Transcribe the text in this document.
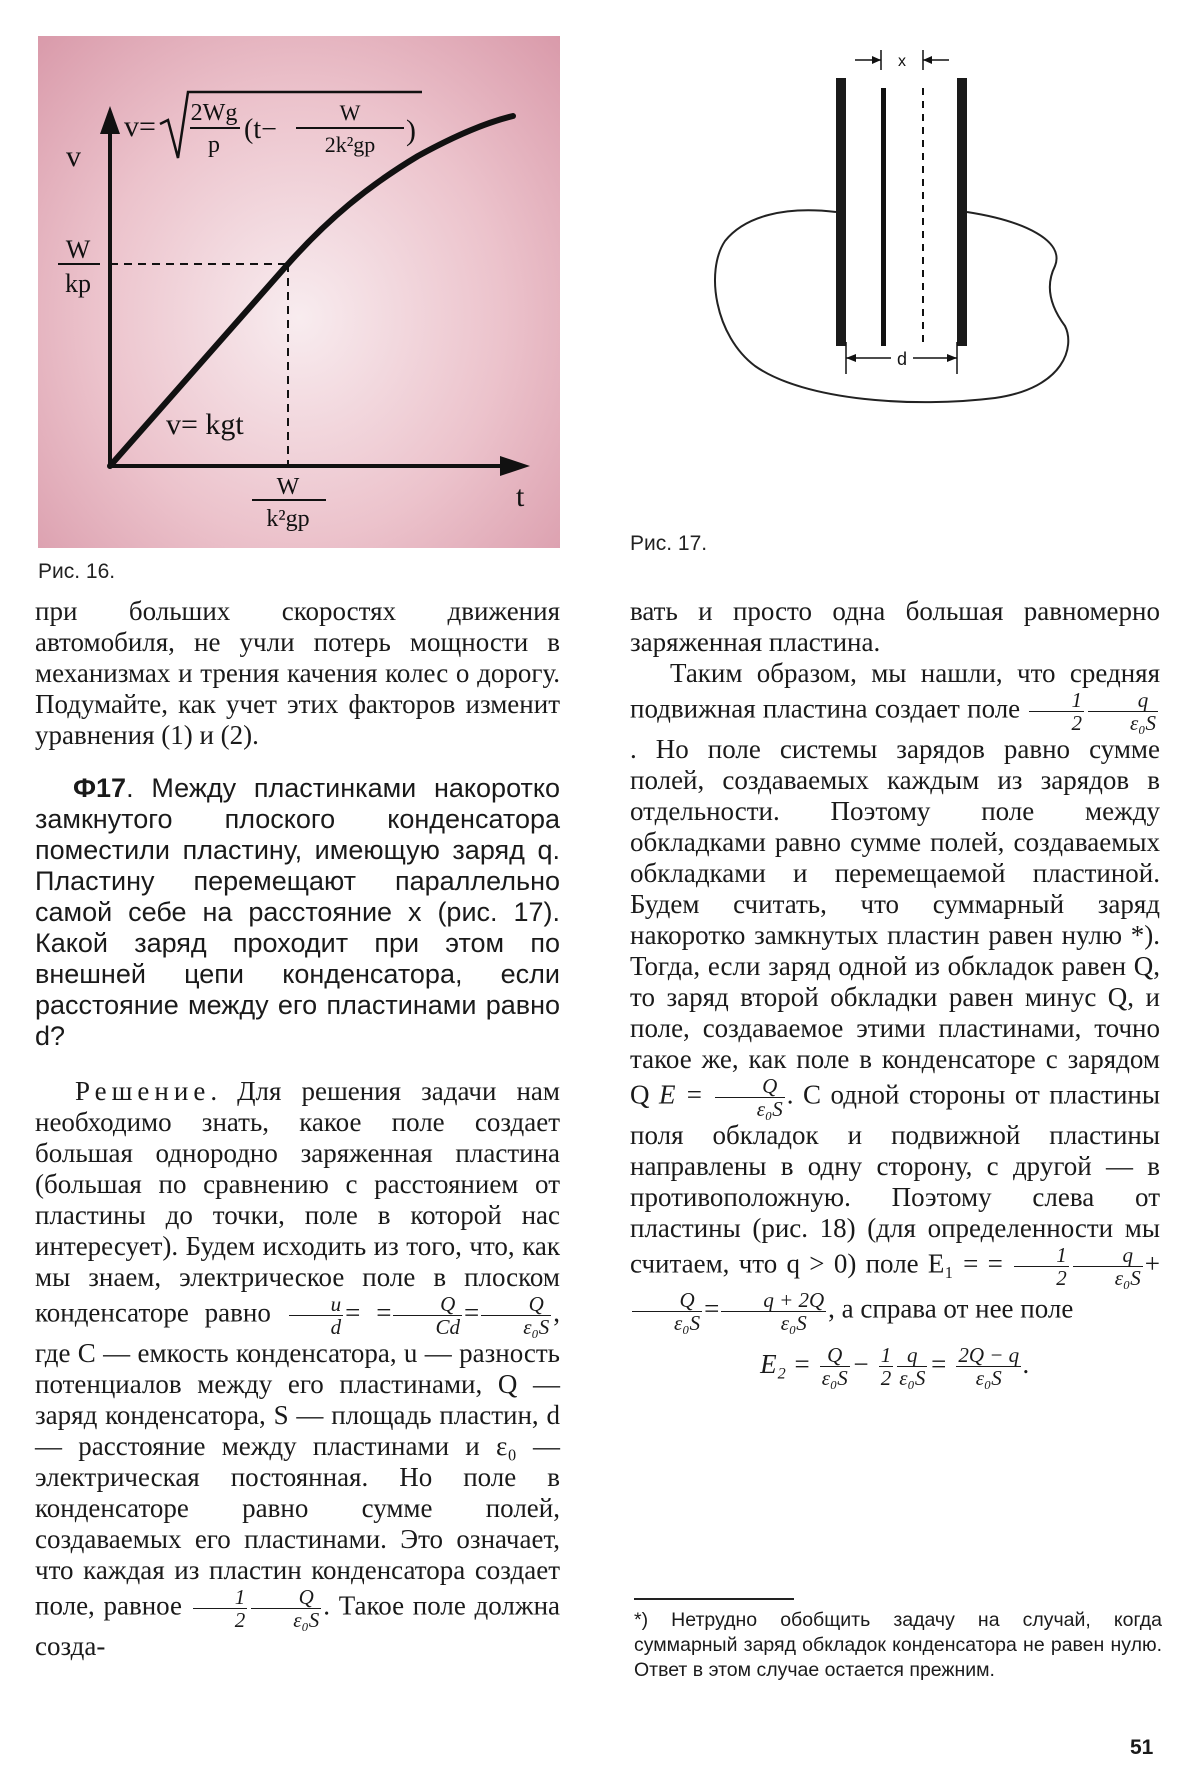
v
t
W
kp
W
k²gp
v= kgt
v= 2Wg
p (t−
W
2k²gp )
Рис. 16.
x
d
Рис. 17.

при больших скоростях движения автомобиля, не учли потерь мощности в механизмах и трения качения колес о дорогу. Подумайте, как учет этих факторов изменит уравнения (1) и (2).

Ф17. Между пластинками накоротко замкнутого плоского конденсатора поместили пластину, имеющую заряд q. Пластину перемещают параллельно самой себе на расстояние x (рис. 17). Какой заряд проходит при этом по внешней цепи конденсатора, если расстояние между его пластинами равно d?

Решение. Для решения задачи нам необходимо знать, какое поле создает большая однородно заряженная пластина (большая по сравнению с расстоянием от пластины до точки, поле в которой нас интересует). Будем исходить из того, что, как мы знаем, электрическое поле в плоском конденсаторе равно $\frac{u}{d}$ = = $\frac{Q}{Cd} = \frac{Q}{\text{ε₀S}}$ , где C — емкость конденсатора, u — разность потенциалов между его пластинами, Q — заряд конденсатора, S — площадь пластин, d — расстояние между пластинами и ε₀ — электрическая постоянная. Но поле в конденсаторе равно сумме полей, создаваемых его пластинами. Это означает, что каждая из пластин конденсатора создает поле, равное $\frac{1}{2} \frac{Q}{\text{ε₀S}}$ . Такое поле должна созда-

вать и просто одна большая равномерно заряженная пластина.

Таким образом, мы нашли, что средняя подвижная пластина создает поле $\frac{1}{2} \frac{q}{\text{ε₀S}}$
. Но поле системы зарядов равно сумме полей, создаваемых каждым из зарядов в отдельности. Поэтому поле между обкладками равно сумме полей, создаваемых обкладками и перемещаемой пластиной. Будем считать, что суммарный заряд накоротко замкнутых пластин равен нулю *). Тогда, если заряд одной из обкладок равен Q, то заряд второй обкладки равен минус Q, и поле, создаваемое этими пластинами, точно такое же, как поле в конденсаторе с зарядом Q $E = \frac{Q}{\text{ε₀S}}$ . С одной стороны от пластины поля обкладок и подвижной пластины направлены в одну сторону, с другой — в противоположную. Поэтому слева от пластины (рис. 18) (для определенности мы считаем, что q > 0) поле E₁ = = $\frac{1}{2} \frac{q}{\text{ε₀S}}$ +
$\frac{Q}{\text{ε₀S}} = \frac{q + 2Q}{\text{ε₀S}}$ , а справа от нее поле

$E_2 = \frac{Q}{\text{ε₀S}} - \frac{1}{2} \frac{q}{\text{ε₀S}} = \frac{2Q - q}{\text{ε₀S}}$ .

*) Нетрудно обобщить задачу на случай, когда суммарный заряд обкладок конденсатора не равен нулю. Ответ в этом случае остается прежним.

51
